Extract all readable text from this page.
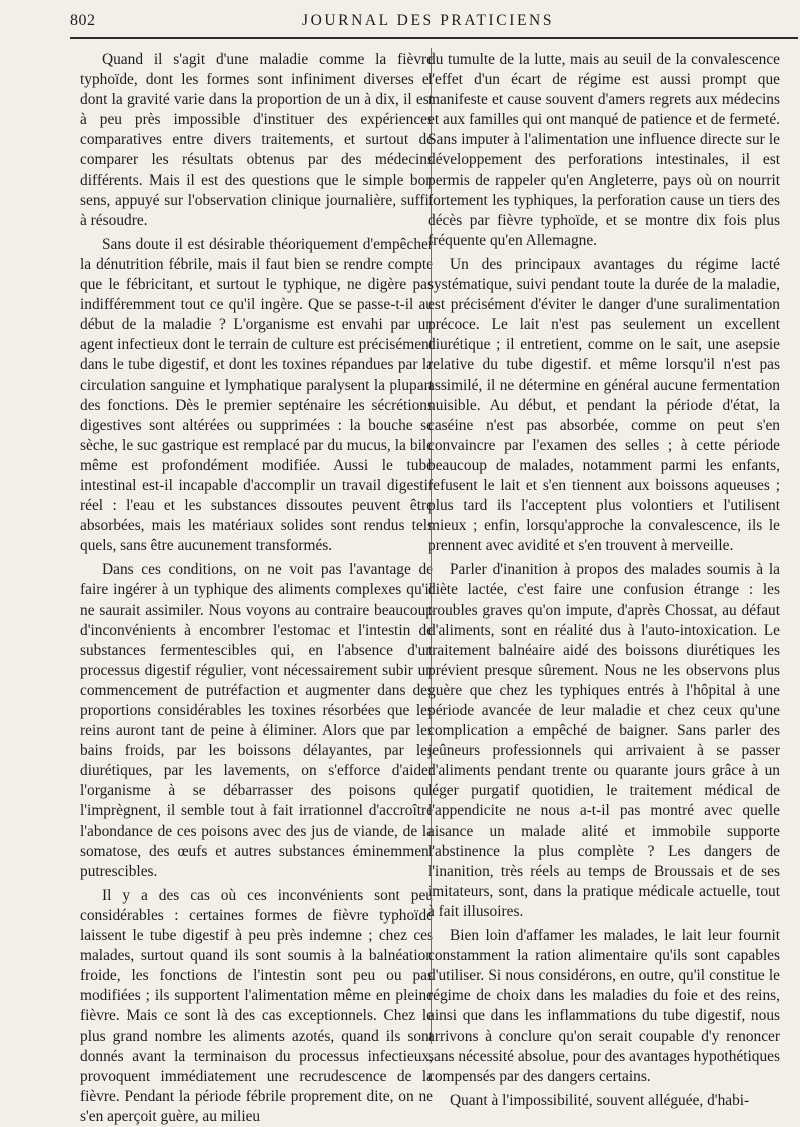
802	JOURNAL DES PRATICIENS

Quand il s'agit d'une maladie comme la fièvre typhoïde, dont les formes sont infiniment diverses et dont la gravité varie dans la proportion de un à dix, il est à peu près impossible d'instituer des expériences comparatives entre divers traitements, et surtout de comparer les résultats obtenus par des médecins différents. Mais il est des questions que le simple bon sens, appuyé sur l'observation clinique journalière, suffit à résoudre.

Sans doute il est désirable théoriquement d'empêcher la dénutrition fébrile, mais il faut bien se rendre compte que le fébricitant, et surtout le typhique, ne digère pas indifféremment tout ce qu'il ingère. Que se passe-t-il au début de la maladie ? L'organisme est envahi par un agent infectieux dont le terrain de culture est précisément dans le tube digestif, et dont les toxines répandues par la circulation sanguine et lymphatique paralysent la plupart des fonctions. Dès le premier septénaire les sécrétions digestives sont altérées ou supprimées : la bouche se sèche, le suc gastrique est remplacé par du mucus, la bile même est profondément modifiée. Aussi le tube intestinal est-il incapable d'accomplir un travail digestif réel : l'eau et les substances dissoutes peuvent être absorbées, mais les matériaux solides sont rendus tels quels, sans être aucunement transformés.

Dans ces conditions, on ne voit pas l'avantage de faire ingérer à un typhique des aliments complexes qu'il ne saurait assimiler. Nous voyons au contraire beaucoup d'inconvénients à encombrer l'estomac et l'intestin de substances fermentescibles qui, en l'absence d'un processus digestif régulier, vont nécessairement subir un commencement de putréfaction et augmenter dans des proportions considérables les toxines résorbées que les reins auront tant de peine à éliminer. Alors que par les bains froids, par les boissons délayantes, par les diurétiques, par les lavements, on s'efforce d'aider l'organisme à se débarrasser des poisons qui l'imprègnent, il semble tout à fait irrationnel d'accroître l'abondance de ces poisons avec des jus de viande, de la somatose, des œufs et autres substances éminemment putrescibles.

Il y a des cas où ces inconvénients sont peu considérables : certaines formes de fièvre typhoïde laissent le tube digestif à peu près indemne ; chez ces malades, surtout quand ils sont soumis à la balnéation froide, les fonctions de l'intestin sont peu ou pas modifiées ; ils supportent l'alimentation même en pleine fièvre. Mais ce sont là des cas exceptionnels. Chez le plus grand nombre les aliments azotés, quand ils sont donnés avant la terminaison du processus infectieux, provoquent immédiatement une recrudescence de la fièvre. Pendant la période fébrile proprement dite, on ne s'en aperçoit guère, au milieu

du tumulte de la lutte, mais au seuil de la convalescence l'effet d'un écart de régime est aussi prompt que manifeste et cause souvent d'amers regrets aux médecins et aux familles qui ont manqué de patience et de fermeté. Sans imputer à l'alimentation une influence directe sur le développement des perforations intestinales, il est permis de rappeler qu'en Angleterre, pays où on nourrit fortement les typhiques, la perforation cause un tiers des décès par fièvre typhoïde, et se montre dix fois plus fréquente qu'en Allemagne.

Un des principaux avantages du régime lacté systématique, suivi pendant toute la durée de la maladie, est précisément d'éviter le danger d'une suralimentation précoce. Le lait n'est pas seulement un excellent diurétique ; il entretient, comme on le sait, une asepsie relative du tube digestif. et même lorsqu'il n'est pas assimilé, il ne détermine en général aucune fermentation nuisible. Au début, et pendant la période d'état, la caséine n'est pas absorbée, comme on peut s'en convaincre par l'examen des selles ; à cette période beaucoup de malades, notamment parmi les enfants, refusent le lait et s'en tiennent aux boissons aqueuses ; plus tard ils l'acceptent plus volontiers et l'utilisent mieux ; enfin, lorsqu'approche la convalescence, ils le prennent avec avidité et s'en trouvent à merveille.

Parler d'inanition à propos des malades soumis à la diète lactée, c'est faire une confusion étrange : les troubles graves qu'on impute, d'après Chossat, au défaut d'aliments, sont en réalité dus à l'auto-intoxication. Le traitement balnéaire aidé des boissons diurétiques les prévient presque sûrement. Nous ne les observons plus guère que chez les typhiques entrés à l'hôpital à une période avancée de leur maladie et chez ceux qu'une complication a empêché de baigner. Sans parler des jeûneurs professionnels qui arrivaient à se passer d'aliments pendant trente ou quarante jours grâce à un léger purgatif quotidien, le traitement médical de l'appendicite ne nous a-t-il pas montré avec quelle aisance un malade alité et immobile supporte l'abstinence la plus complète ? Les dangers de l'inanition, très réels au temps de Broussais et de ses imitateurs, sont, dans la pratique médicale actuelle, tout à fait illusoires.

Bien loin d'affamer les malades, le lait leur fournit constamment la ration alimentaire qu'ils sont capables d'utiliser. Si nous considérons, en outre, qu'il constitue le régime de choix dans les maladies du foie et des reins, ainsi que dans les inflammations du tube digestif, nous arrivons à conclure qu'on serait coupable d'y renoncer sans nécessité absolue, pour des avantages hypothétiques compensés par des dangers certains.

Quant à l'impossibilité, souvent alléguée, d'habi-
